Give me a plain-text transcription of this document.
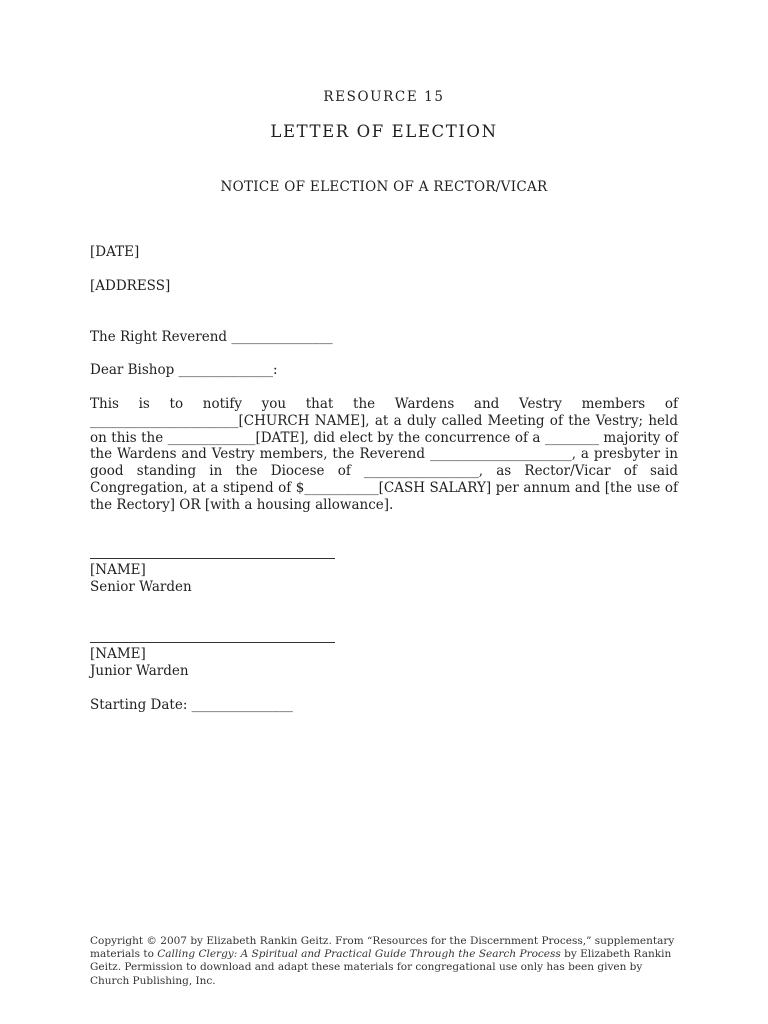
RESOURCE 15
LETTER OF ELECTION
NOTICE OF ELECTION OF A RECTOR/VICAR
[DATE]
[ADDRESS]
The Right Reverend _______________
Dear Bishop ______________:
This is to notify you that the Wardens and Vestry members of ______________________[CHURCH NAME], at a duly called Meeting of the Vestry; held on this the _____________[DATE], did elect by the concurrence of a ________ majority of the Wardens and Vestry members, the Reverend _____________________, a presbyter in good standing in the Diocese of _________________, as Rector/Vicar of said Congregation, at a stipend of $___________[CASH SALARY] per annum and [the use of the Rectory] OR [with a housing allowance].
[NAME]
Senior Warden
[NAME]
Junior Warden
Starting Date: _______________
Copyright © 2007 by Elizabeth Rankin Geitz. From “Resources for the Discernment Process,” supplementary materials to Calling Clergy: A Spiritual and Practical Guide Through the Search Process by Elizabeth Rankin Geitz. Permission to download and adapt these materials for congregational use only has been given by Church Publishing, Inc.
